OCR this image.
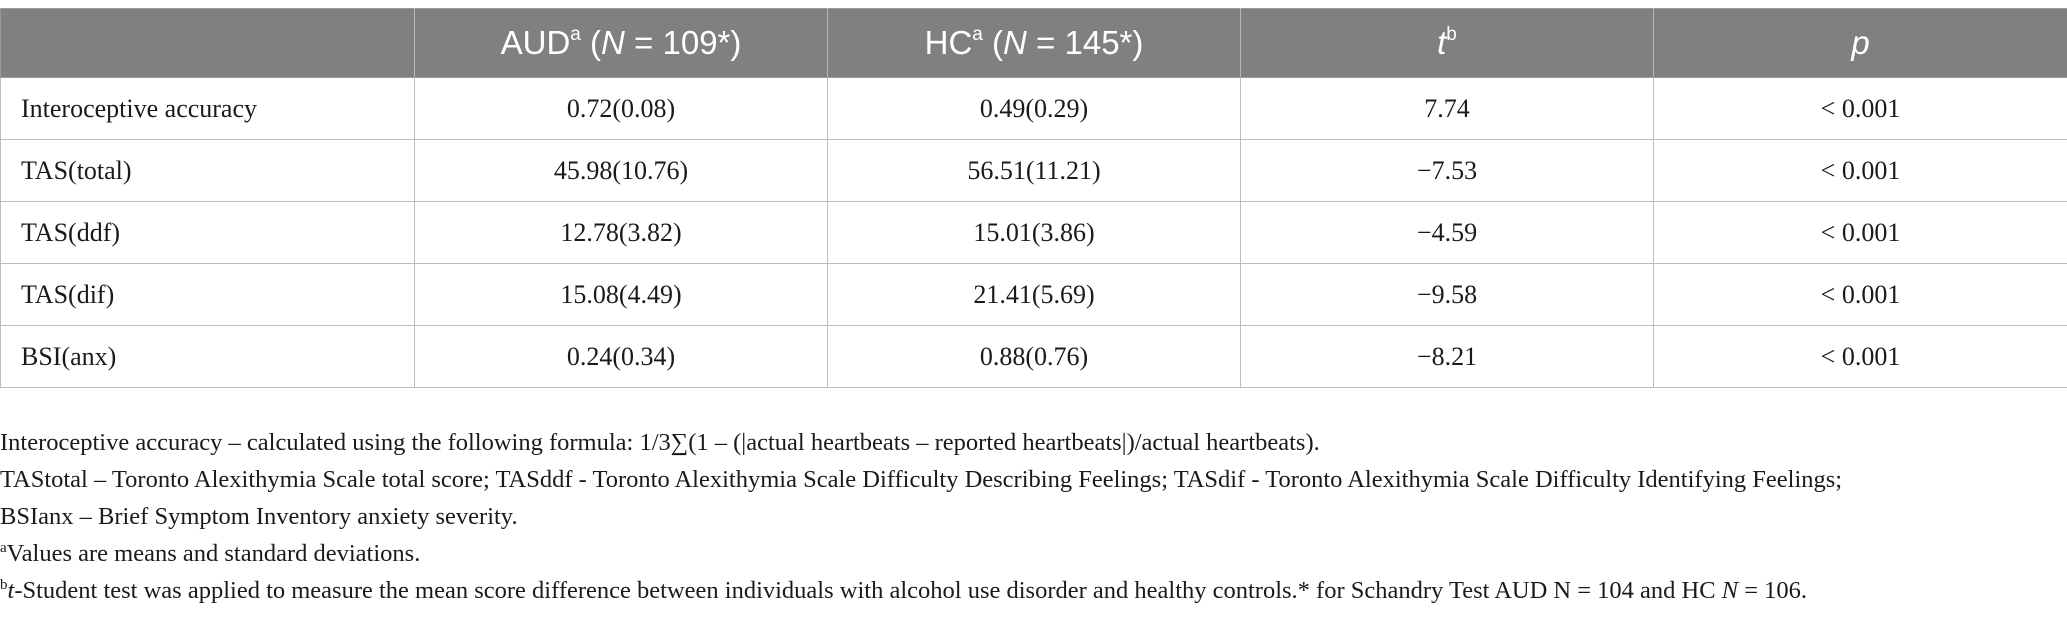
	AUD$^a$ (N = 109*)	$HC^a$ (N = 145*)	$t^b$	p
Interoceptive accuracy	0.72(0.08)	0.49(0.29)	7.74	< 0.001
TAS(total)	45.98(10.76)	56.51(11.21)	−7.53	< 0.001
TAS(ddf)	12.78(3.82)	15.01(3.86)	−4.59	< 0.001
TAS(dif)	15.08(4.49)	21.41(5.69)	−9.58	< 0.001
BSI(anx)	0.24(0.34)	0.88(0.76)	−8.21	< 0.001

Interoceptive accuracy – calculated using the following formula: 1/3∑(1 – (|actual heartbeats – reported heartbeats|)/actual heartbeats).

TAStotal – Toronto Alexithymia Scale total score; TASddf - Toronto Alexithymia Scale Difficulty Describing Feelings; TASdif - Toronto Alexithymia Scale Difficulty Identifying Feelings;

BSIanx – Brief Symptom Inventory anxiety severity.

$^a$Values are means and standard deviations.

$^b$t-Student test was applied to measure the mean score difference between individuals with alcohol use disorder and healthy controls.* for Schandry Test AUD N = 104 and HC N = 106.
